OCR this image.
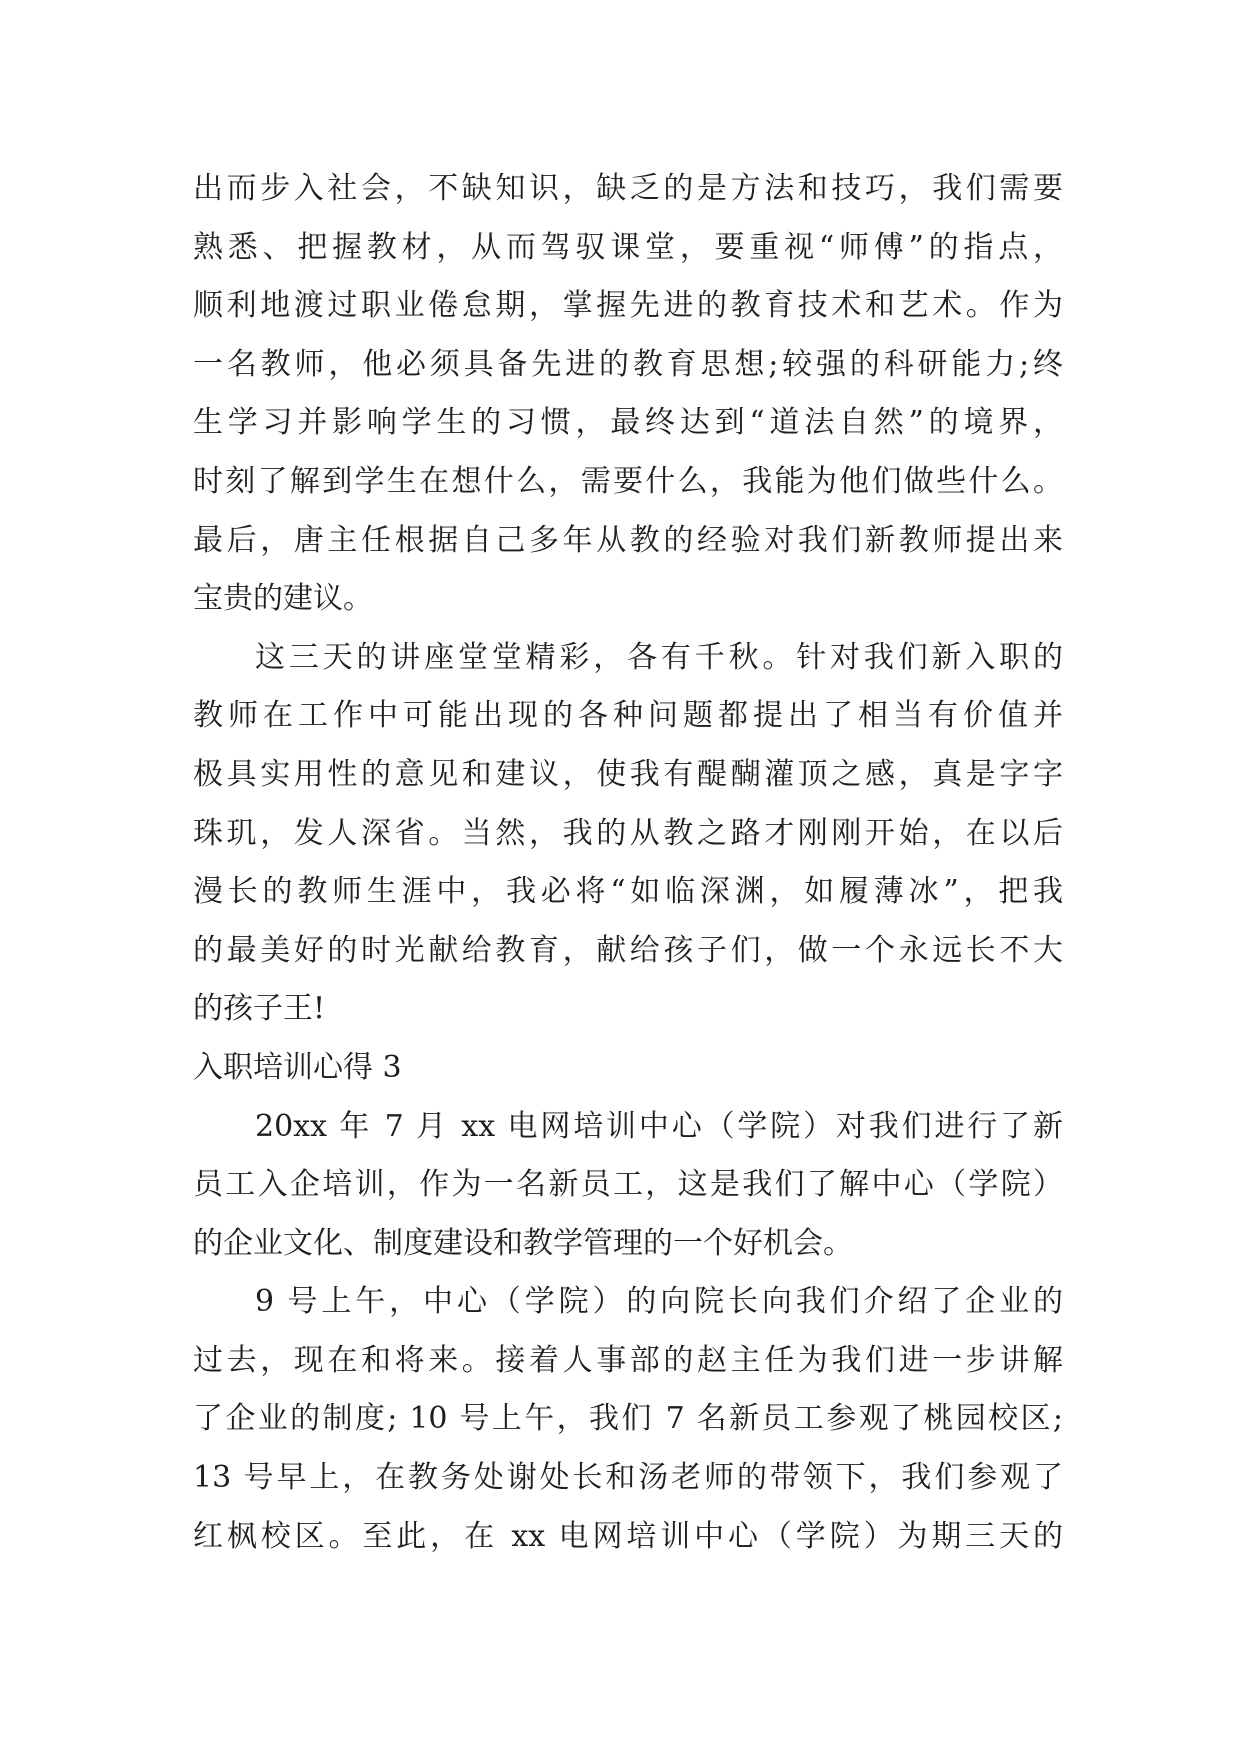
出而步入社会，不缺知识，缺乏的是方法和技巧，我们需要
熟悉、把握教材，从而驾驭课堂，要重视“师傅”的指点，
顺利地渡过职业倦怠期，掌握先进的教育技术和艺术。作为
一名教师，他必须具备先进的教育思想;较强的科研能力;终
生学习并影响学生的习惯，最终达到“道法自然”的境界，
时刻了解到学生在想什么，需要什么，我能为他们做些什么。
最后，唐主任根据自己多年从教的经验对我们新教师提出来
宝贵的建议。
这三天的讲座堂堂精彩，各有千秋。针对我们新入职的
教师在工作中可能出现的各种问题都提出了相当有价值并
极具实用性的意见和建议，使我有醍醐灌顶之感，真是字字
珠玑，发人深省。当然，我的从教之路才刚刚开始，在以后
漫长的教师生涯中，我必将“如临深渊，如履薄冰”，把我
的最美好的时光献给教育，献给孩子们，做一个永远长不大
的孩子王!
入职培训心得 3
20xx 年 7 月 xx 电网培训中心（学院）对我们进行了新
员工入企培训，作为一名新员工，这是我们了解中心（学院）
的企业文化、制度建设和教学管理的一个好机会。
9 号上午，中心（学院）的向院长向我们介绍了企业的
过去，现在和将来。接着人事部的赵主任为我们进一步讲解
了企业的制度; 10 号上午，我们 7 名新员工参观了桃园校区;
13 号早上，在教务处谢处长和汤老师的带领下，我们参观了
红枫校区。至此，在 xx 电网培训中心（学院）为期三天的
